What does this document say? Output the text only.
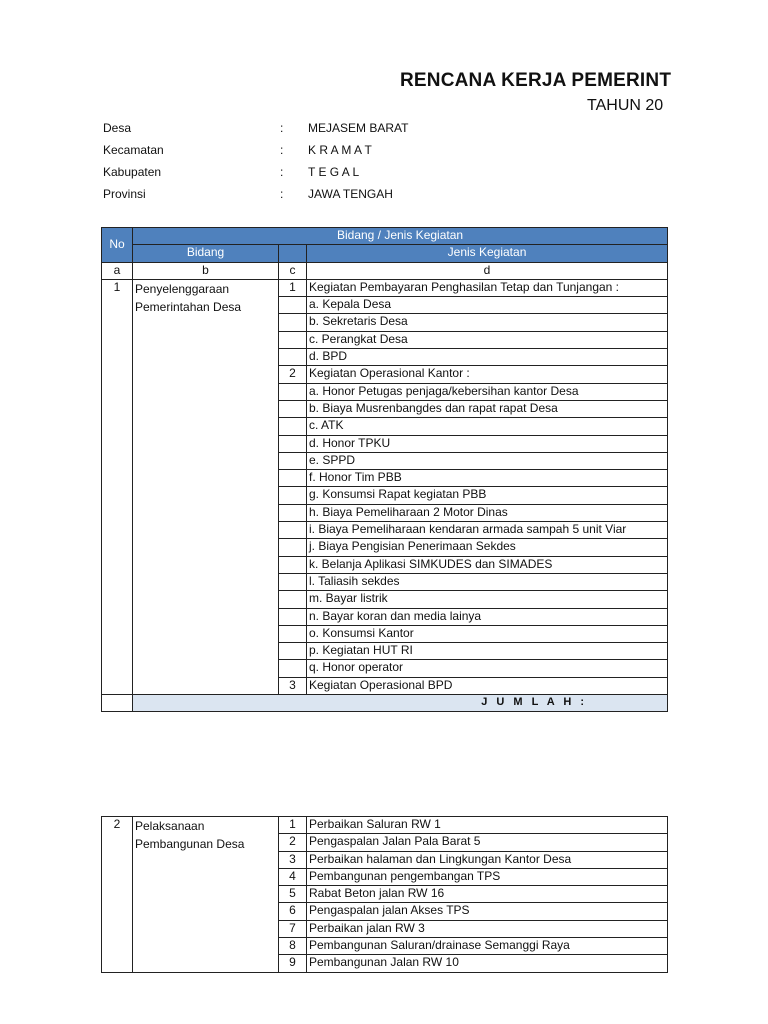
RENCANA KERJA PEMERINT
TAHUN 20
Desa	: MEJASEM BARAT
Kecamatan	: K R A M A T
Kabupaten	: T E G A L
Provinsi	: JAWA TENGAH
No	Bidang / Jenis Kegiatan		
	Bidang		Jenis Kegiatan
a	b	c	d
1	Penyelenggaraan Pemerintahan Desa	1	Kegiatan Pembayaran Penghasilan Tetap dan Tunjangan :
			a. Kepala Desa
			b. Sekretaris Desa
			c. Perangkat Desa
			d. BPD
		2	Kegiatan Operasional Kantor :
			a. Honor Petugas penjaga/kebersihan kantor Desa
			b. Biaya Musrenbangdes dan rapat rapat Desa
			c. ATK
			d. Honor TPKU
			e. SPPD
			f. Honor Tim PBB
			g. Konsumsi Rapat kegiatan PBB
			h. Biaya Pemeliharaan 2 Motor Dinas
			i. Biaya Pemeliharaan kendaran armada sampah 5 unit Viar
			j. Biaya Pengisian Penerimaan Sekdes
			k. Belanja Aplikasi SIMKUDES dan SIMADES
			l. Taliasih sekdes
			m. Bayar listrik
			n. Bayar koran dan media lainya
			o. Konsumsi Kantor
			p. Kegiatan HUT RI
			q. Honor operator
		3	Kegiatan Operasional BPD
	J U M L A H :		
2	Pelaksanaan Pembangunan Desa	1	Perbaikan Saluran RW 1
		2	Pengaspalan Jalan Pala Barat 5
		3	Perbaikan halaman dan Lingkungan Kantor Desa
		4	Pembangunan pengembangan TPS
		5	Rabat Beton jalan RW 16
		6	Pengaspalan jalan Akses TPS
		7	Perbaikan jalan RW 3
		8	Pembangunan Saluran/drainase Semanggi Raya
		9	Pembangunan Jalan RW 10
